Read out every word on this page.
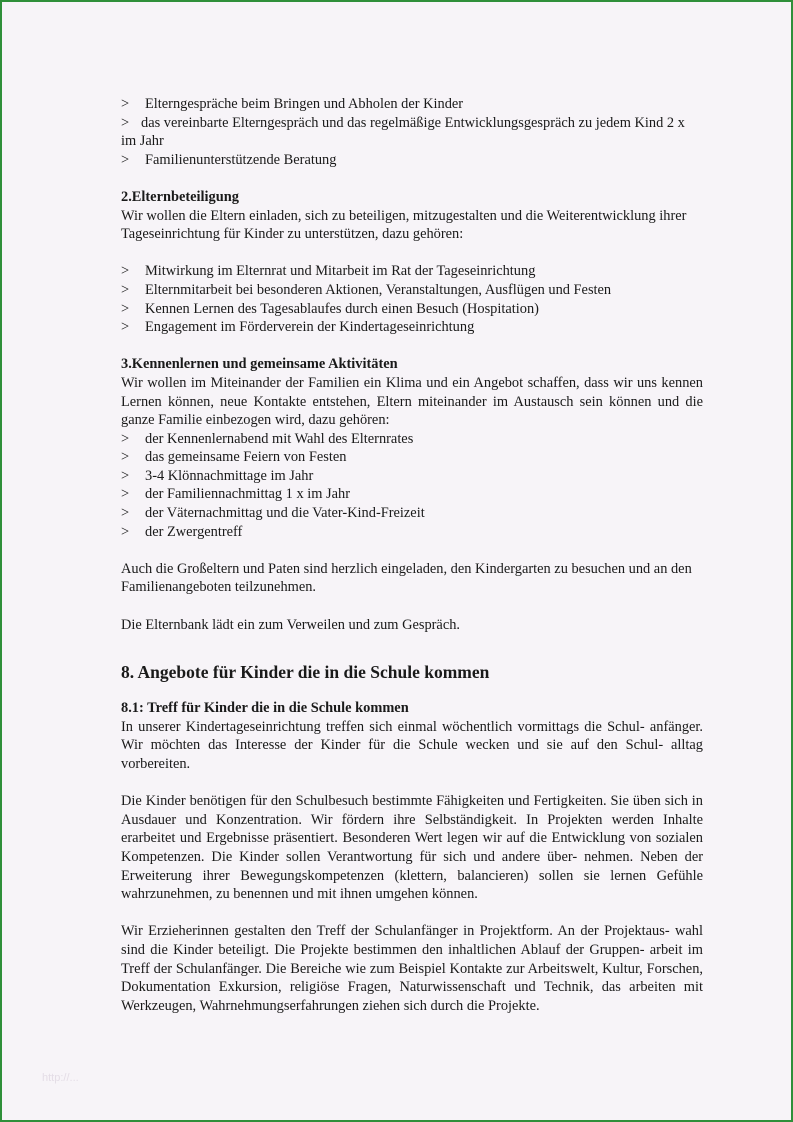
>	Elterngespräche beim Bringen und Abholen der Kinder
> das vereinbarte Elterngespräch und das regelmäßige Entwicklungsgespräch zu jedem Kind 2 x im Jahr
>	Familienunterstützende Beratung

2.Elternbeteiligung

Wir wollen die Eltern einladen, sich zu beteiligen, mitzugestalten und die Weiterentwicklung ihrer Tageseinrichtung für Kinder zu unterstützen, dazu gehören:

>	Mitwirkung im Elternrat und Mitarbeit im Rat der Tageseinrichtung
>	Elternmitarbeit bei besonderen Aktionen, Veranstaltungen, Ausflügen und Festen
>	Kennen Lernen des Tagesablaufes durch einen Besuch (Hospitation)
>	Engagement im Förderverein der Kindertageseinrichtung

3.Kennenlernen und gemeinsame Aktivitäten

Wir wollen im Miteinander der Familien ein Klima und ein Angebot schaffen, dass wir uns kennen Lernen können, neue Kontakte entstehen, Eltern miteinander im Austausch sein können und die ganze Familie einbezogen wird, dazu gehören:

>	der Kennenlernabend mit Wahl des Elternrates
>	das gemeinsame Feiern von Festen
>	3-4 Klönnachmittage im Jahr
>	der Familiennachmittag 1 x im Jahr
>	der Väternachmittag und die Vater-Kind-Freizeit
>	der Zwergentreff

Auch die Großeltern und Paten sind herzlich eingeladen, den Kindergarten zu besuchen und an den Familienangeboten teilzunehmen.

Die Elternbank lädt ein zum Verweilen und zum Gespräch.

8. Angebote für Kinder die in die Schule kommen

8.1: Treff für Kinder die in die Schule kommen

In unserer Kindertageseinrichtung treffen sich einmal wöchentlich vormittags die Schul- anfänger. Wir möchten das Interesse der Kinder für die Schule wecken und sie auf den Schul- alltag vorbereiten.

Die Kinder benötigen für den Schulbesuch bestimmte Fähigkeiten und Fertigkeiten. Sie üben sich in Ausdauer und Konzentration. Wir fördern ihre Selbständigkeit. In Projekten werden Inhalte erarbeitet und Ergebnisse präsentiert. Besonderen Wert legen wir auf die Entwicklung von sozialen Kompetenzen. Die Kinder sollen Verantwortung für sich und andere über- nehmen. Neben der Erweiterung ihrer Bewegungskompetenzen (klettern, balancieren) sollen sie lernen Gefühle wahrzunehmen, zu benennen und mit ihnen umgehen können.

Wir Erzieherinnen gestalten den Treff der Schulanfänger in Projektform. An der Projektaus- wahl sind die Kinder beteiligt. Die Projekte bestimmen den inhaltlichen Ablauf der Gruppen- arbeit im Treff der Schulanfänger. Die Bereiche wie zum Beispiel Kontakte zur Arbeitswelt, Kultur, Forschen, Dokumentation Exkursion, religiöse Fragen, Naturwissenschaft und Technik, das arbeiten mit Werkzeugen, Wahrnehmungserfahrungen ziehen sich durch die Projekte.

http://...
